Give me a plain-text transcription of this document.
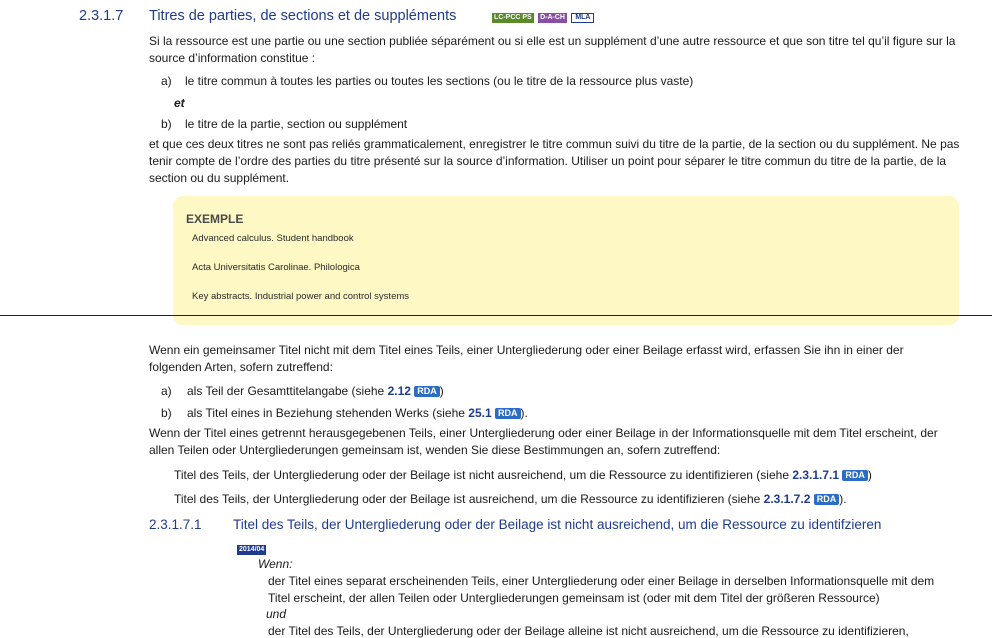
2.3.1.7 Titres de parties, de sections et de suppléments	LC-PCC PS D-A-CH MLA
Si la ressource est une partie ou une section publiée séparément ou si elle est un supplément d’une autre ressource et que son titre tel qu’il figure sur la source d’information constitue :
a) le titre commun à toutes les parties ou toutes les sections (ou le titre de la ressource plus vaste)
et
b) le titre de la partie, section ou supplément
et que ces deux titres ne sont pas reliés grammaticalement, enregistrer le titre commun suivi du titre de la partie, de la section ou du supplément. Ne pas tenir compte de l’ordre des parties du titre présenté sur la source d’information. Utiliser un point pour séparer le titre commun du titre de la partie, de la section ou du supplément.
EXEMPLE
Advanced calculus. Student handbook
Acta Universitatis Carolinae. Philologica
Key abstracts. Industrial power and control systems
Wenn ein gemeinsamer Titel nicht mit dem Titel eines Teils, einer Untergliederung oder einer Beilage erfasst wird, erfassen Sie ihn in einer der folgenden Arten, sofern zutreffend:
a) als Teil der Gesamttitelangabe (siehe 2.12 RDA )
b) als Titel eines in Beziehung stehenden Werks (siehe 25.1 RDA ).
Wenn der Titel eines getrennt herausgegebenen Teils, einer Untergliederung oder einer Beilage in der Informationsquelle mit dem Titel erscheint, der allen Teilen oder Untergliederungen gemeinsam ist, wenden Sie diese Bestimmungen an, sofern zutreffend:
Titel des Teils, der Untergliederung oder der Beilage ist nicht ausreichend, um die Ressource zu identifizieren (siehe 2.3.1.7.1 RDA )
Titel des Teils, der Untergliederung oder der Beilage ist ausreichend, um die Ressource zu identifizieren (siehe 2.3.1.7.2 RDA ).
2.3.1.7.1 Titel des Teils, der Untergliederung oder der Beilage ist nicht ausreichend, um die Ressource zu identifzieren
2014/04
Wenn:
der Titel eines separat erscheinenden Teils, einer Untergliederung oder einer Beilage in derselben Informationsquelle mit dem Titel erscheint, der allen Teilen oder Untergliederungen gemeinsam ist (oder mit dem Titel der größeren Ressource)
und
der Titel des Teils, der Untergliederung oder der Beilage alleine ist nicht ausreichend, um die Ressource zu identifizieren,
